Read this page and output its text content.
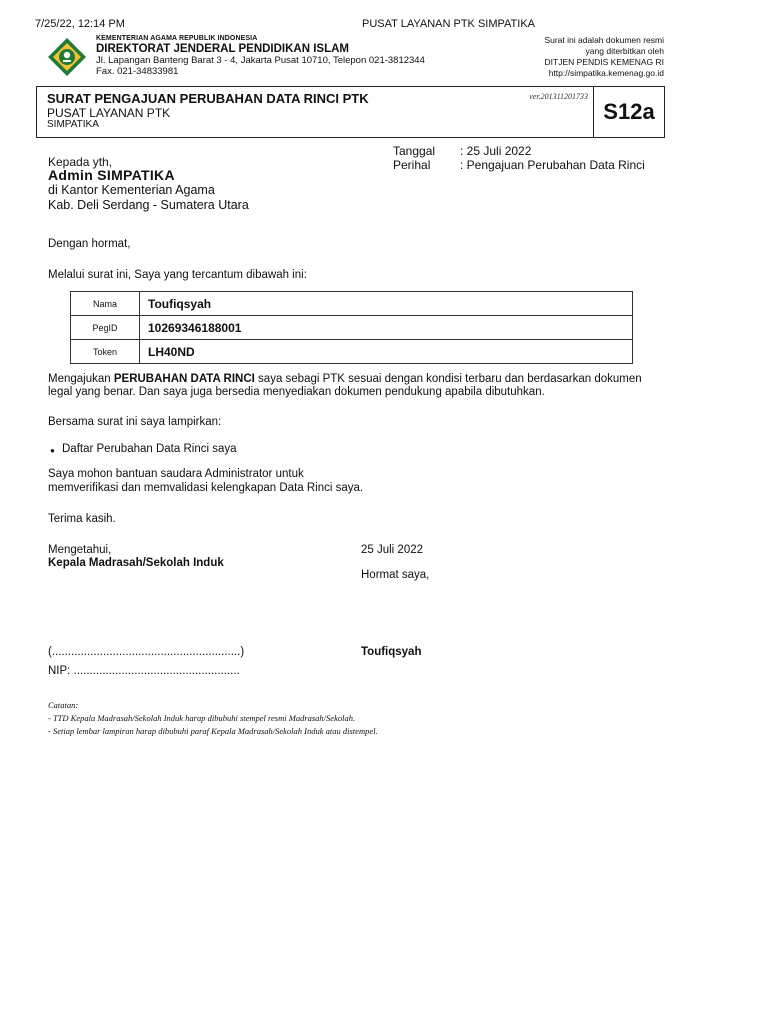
7/25/22, 12:14 PM	PUSAT LAYANAN PTK SIMPATIKA
KEMENTERIAN AGAMA REPUBLIK INDONESIA
DIREKTORAT JENDERAL PENDIDIKAN ISLAM
Jl. Lapangan Banteng Barat 3 - 4, Jakarta Pusat 10710, Telepon 021-3812344
Fax. 021-34833981
Surat ini adalah dokumen resmi
yang diterbitkan oleh
DITJEN PENDIS KEMENAG RI
http://simpatika.kemenag.go.id
SURAT PENGAJUAN PERUBAHAN DATA RINCI PTK
PUSAT LAYANAN PTK
SIMPATIKA
ver.201311201733
S12a
Tanggal : 25 Juli 2022
Perihal : Pengajuan Perubahan Data Rinci
Kepada yth,
Admin SIMPATIKA
di Kantor Kementerian Agama
Kab. Deli Serdang - Sumatera Utara
Dengan hormat,
Melalui surat ini, Saya yang tercantum dibawah ini:
Nama	Toufiqsyah
PegID	10269346188001
Token	LH40ND
Mengajukan PERUBAHAN DATA RINCI saya sebagi PTK sesuai dengan kondisi terbaru dan berdasarkan dokumen
legal yang benar. Dan saya juga bersedia menyediakan dokumen pendukung apabila dibutuhkan.
Bersama surat ini saya lampirkan:
● Daftar Perubahan Data Rinci saya
Saya mohon bantuan saudara Administrator untuk
memverifikasi dan memvalidasi kelengkapan Data Rinci saya.
Terima kasih.
Mengetahui,
Kepala Madrasah/Sekolah Induk
25 Juli 2022
Hormat saya,
(...........................................................)	Toufiqsyah
NIP: ....................................................
Catatan:
- TTD Kepala Madrasah/Sekolah Induk harap dibubuhi stempel resmi Madrasah/Sekolah.
- Setiap lembar lampiran harap dibubuhi paraf Kepala Madrasah/Sekolah Induk atau distempel.
